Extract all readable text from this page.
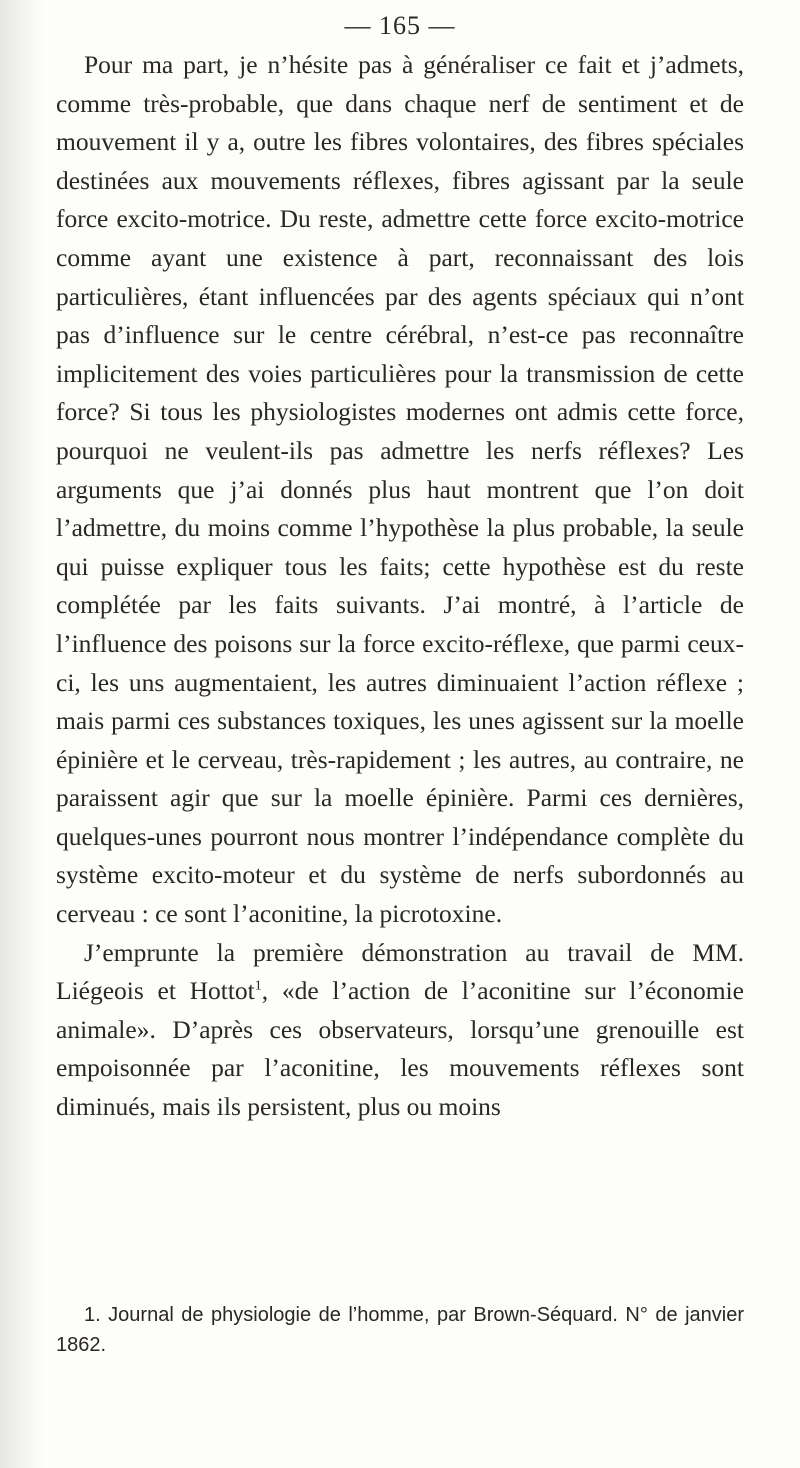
— 165 —

Pour ma part, je n’hésite pas à généraliser ce fait et j’admets, comme très-probable, que dans chaque nerf de sentiment et de mouvement il y a, outre les fibres volontaires, des fibres spéciales destinées aux mouvements réflexes, fibres agissant par la seule force excito-motrice. Du reste, admettre cette force excito-motrice comme ayant une existence à part, reconnaissant des lois particulières, étant influencées par des agents spéciaux qui n’ont pas d’influence sur le centre cérébral, n’est-ce pas reconnaître implicitement des voies particulières pour la transmission de cette force? Si tous les physiologistes modernes ont admis cette force, pourquoi ne veulent-ils pas admettre les nerfs réflexes? Les arguments que j’ai donnés plus haut montrent que l’on doit l’admettre, du moins comme l’hypothèse la plus probable, la seule qui puisse expliquer tous les faits; cette hypothèse est du reste complétée par les faits suivants. J’ai montré, à l’article de l’influence des poisons sur la force excito-réflexe, que parmi ceux-ci, les uns augmentaient, les autres diminuaient l’action réflexe ; mais parmi ces substances toxiques, les unes agissent sur la moelle épinière et le cerveau, très-rapidement ; les autres, au contraire, ne paraissent agir que sur la moelle épinière. Parmi ces dernières, quelques-unes pourront nous montrer l’indépendance complète du système excito-moteur et du système de nerfs subordonnés au cerveau : ce sont l’aconitine, la picrotoxine.

J’emprunte la première démonstration au travail de MM. Liégeois et Hottot$^1$, «de l’action de l’aconitine sur l’économie animale». D’après ces observateurs, lorsqu’une grenouille est empoisonnée par l’aconitine, les mouvements réflexes sont diminués, mais ils persistent, plus ou moins

1. Journal de physiologie de l’homme, par Brown-Séquard. N° de janvier 1862.
